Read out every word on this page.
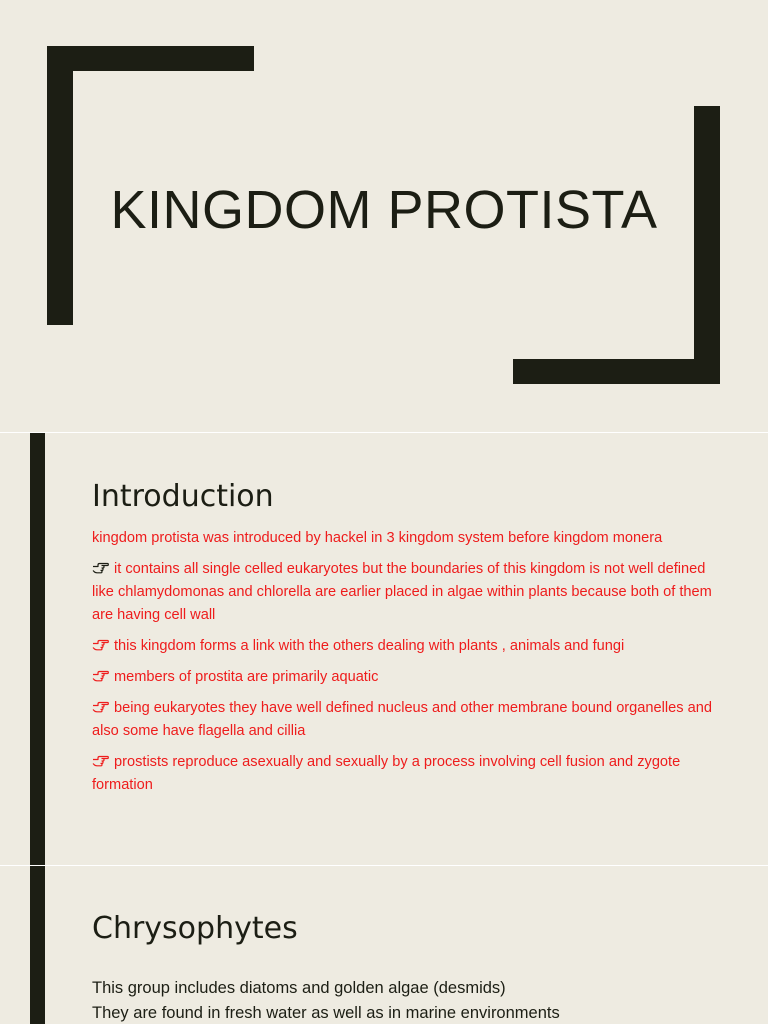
KINGDOM PROTISTA
Introduction

kingdom protista was introduced by hackel in 3 kingdom system before kingdom monera

it contains all single celled eukaryotes but the boundaries of this kingdom is not well defined like chlamydomonas and chlorella are earlier placed in algae within plants because both of them are having cell wall

this kingdom forms a link with the others dealing with plants , animals and fungi

members of prostita are primarily aquatic

being eukaryotes they have well defined nucleus and other membrane bound organelles and also some have flagella and cillia

prostists reproduce asexually and sexually by a process involving cell fusion and zygote formation

Chrysophytes

This group includes diatoms and golden algae (desmids)

They are found in fresh water as well as in marine environments
